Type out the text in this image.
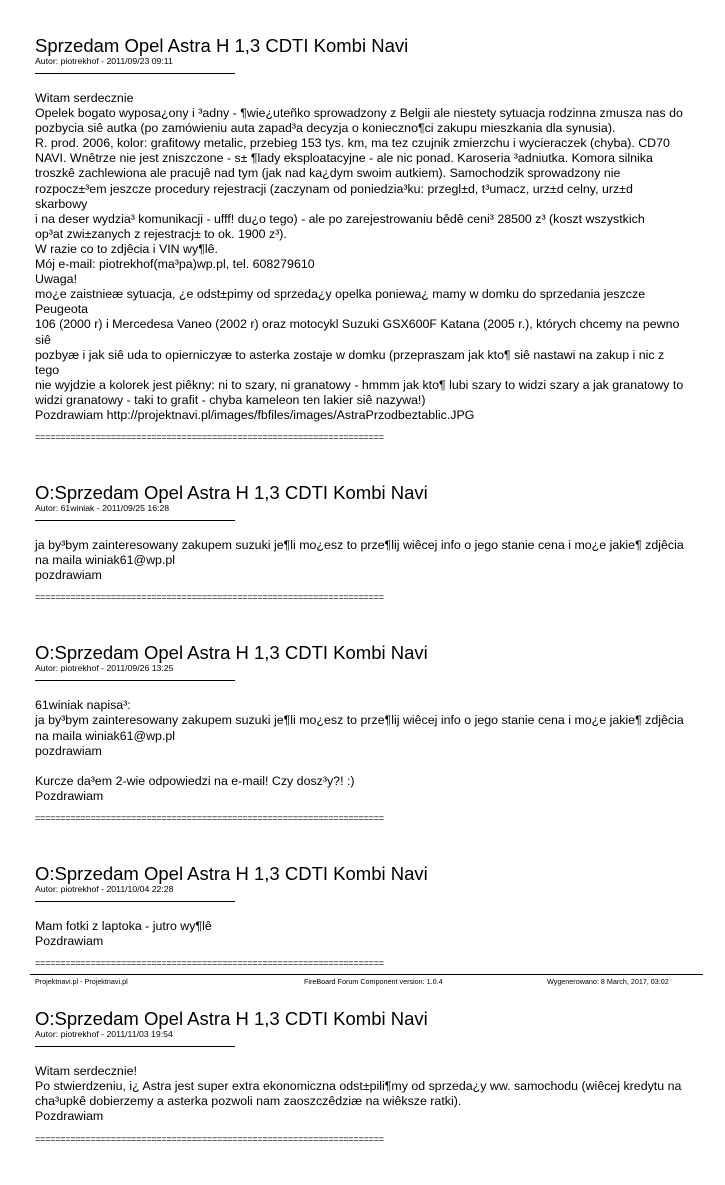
Sprzedam Opel Astra H 1,3 CDTI Kombi Navi
Autor: piotrekhof - 2011/09/23 09:11
Witam serdecznie
Opelek bogato wyposa¿ony i ³adny - ¶wie¿uteñko sprowadzony z Belgii ale niestety sytuacja rodzinna zmusza nas do
pozbycia siê autka (po zamówieniu auta zapad³a decyzja o konieczno¶ci zakupu mieszkania dla synusia).
R. prod. 2006, kolor: grafitowy metalic, przebieg 153 tys. km, ma tez czujnik zmierzchu i wycieraczek (chyba). CD70
NAVI. Wnêtrze nie jest zniszczone - s± ¶lady eksploatacyjne - ale nic ponad. Karoseria ³adniutka. Komora silnika
troszkê zachlewiona ale pracujê nad tym (jak nad ka¿dym swoim autkiem). Samochodzik sprowadzony nie
rozpocz±³em jeszcze procedury rejestracji (zaczynam od poniedzia³ku: przegl±d, t³umacz, urz±d celny, urz±d skarbowy
i na deser wydzia³ komunikacji - ufff! du¿o tego) - ale po zarejestrowaniu bêdê ceni³ 28500 z³ (koszt wszystkich
op³at zwi±zanych z rejestracj± to ok. 1900 z³).
W razie co to zdjêcia i VIN wy¶lê.
Mój e-mail: piotrekhof(ma³pa)wp.pl, tel. 608279610
Uwaga!
mo¿e zaistnieæ sytuacja, ¿e odst±pimy od sprzeda¿y opelka poniewa¿ mamy w domku do sprzedania jeszcze Peugeota
106 (2000 r) i Mercedesa Vaneo (2002 r) oraz motocykl Suzuki GSX600F Katana (2005 r.), których chcemy na pewno siê
pozbyæ i jak siê uda to opierniczyæ to asterka zostaje w domku (przepraszam jak kto¶ siê nastawi na zakup i nic z tego
nie wyjdzie a kolorek jest piêkny: ni to szary, ni granatowy - hmmm jak kto¶ lubi szary to widzi szary a jak granatowy to
widzi granatowy - taki to grafit - chyba kameleon ten lakier siê nazywa!)
Pozdrawiam http://projektnavi.pl/images/fbfiles/images/AstraPrzodbeztablic.JPG
=====================================================================
O:Sprzedam Opel Astra H 1,3 CDTI Kombi Navi
Autor: 61winiak - 2011/09/25 16:28
ja by³bym zainteresowany zakupem suzuki je¶li mo¿esz to prze¶lij wiêcej info o jego stanie cena i mo¿e jakie¶ zdjêcia
na maila winiak61@wp.pl
pozdrawiam
=====================================================================
O:Sprzedam Opel Astra H 1,3 CDTI Kombi Navi
Autor: piotrekhof - 2011/09/26 13:25
61winiak napisa³:
ja by³bym zainteresowany zakupem suzuki je¶li mo¿esz to prze¶lij wiêcej info o jego stanie cena i mo¿e jakie¶ zdjêcia
na maila winiak61@wp.pl
pozdrawiam
Kurcze da³em 2-wie odpowiedzi na e-mail! Czy dosz³y?! :)
Pozdrawiam
=====================================================================
O:Sprzedam Opel Astra H 1,3 CDTI Kombi Navi
Autor: piotrekhof - 2011/10/04 22:28
Mam fotki z laptoka - jutro wy¶lê
Pozdrawiam
=====================================================================
O:Sprzedam Opel Astra H 1,3 CDTI Kombi Navi
Autor: piotrekhof - 2011/11/03 19:54
Witam serdecznie!
Po stwierdzeniu, i¿ Astra jest super extra ekonomiczna odst±pili¶my od sprzeda¿y ww. samochodu (wiêcej kredytu na
cha³upkê dobierzemy a asterka pozwoli nam zaoszczêdziæ na wiêksze ratki).
Pozdrawiam
=====================================================================
Projektnavi.pl - Projektnavi.pl	FireBoard Forum Component version: 1.0.4	Wygenerowano: 8 March, 2017, 03:02
